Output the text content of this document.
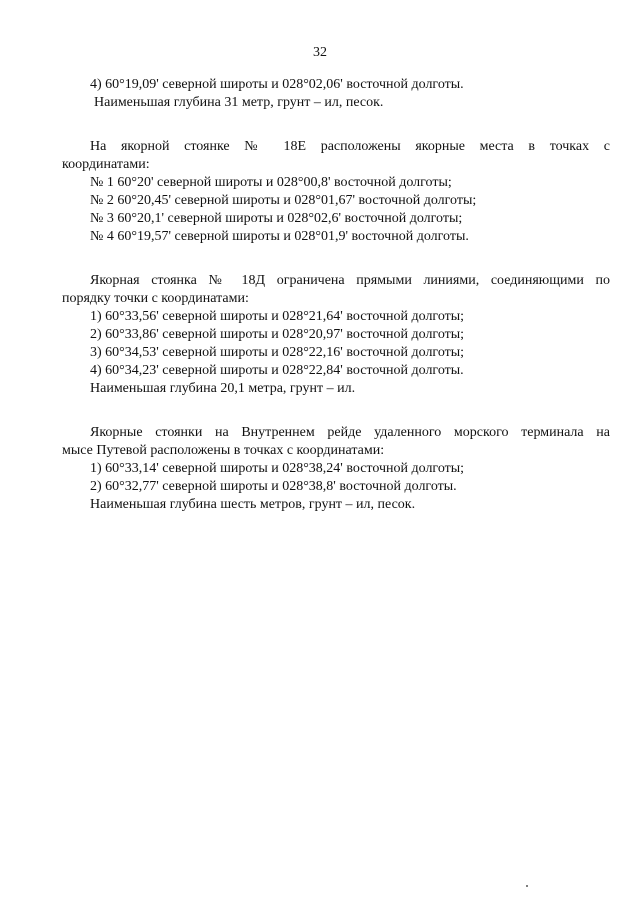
32
4) 60°19,09' северной широты и 028°02,06' восточной долготы.
Наименьшая глубина 31 метр, грунт – ил, песок.
На якорной стоянке № 18Е расположены якорные места в точках с
координатами:
№ 1 60°20' северной широты и 028°00,8' восточной долготы;
№ 2 60°20,45' северной широты и 028°01,67' восточной долготы;
№ 3 60°20,1' северной широты и 028°02,6' восточной долготы;
№ 4 60°19,57' северной широты и 028°01,9' восточной долготы.
Якорная стоянка № 18Д ограничена прямыми линиями, соединяющими по
порядку точки с координатами:
1) 60°33,56' северной широты и 028°21,64' восточной долготы;
2) 60°33,86' северной широты и 028°20,97' восточной долготы;
3) 60°34,53' северной широты и 028°22,16' восточной долготы;
4) 60°34,23' северной широты и 028°22,84' восточной долготы.
Наименьшая глубина 20,1 метра, грунт – ил.
Якорные стоянки на Внутреннем рейде удаленного морского терминала на
мысе Путевой расположены в точках с координатами:
1) 60°33,14' северной широты и 028°38,24' восточной долготы;
2) 60°32,77' северной широты и 028°38,8' восточной долготы.
Наименьшая глубина шесть метров, грунт – ил, песок.
